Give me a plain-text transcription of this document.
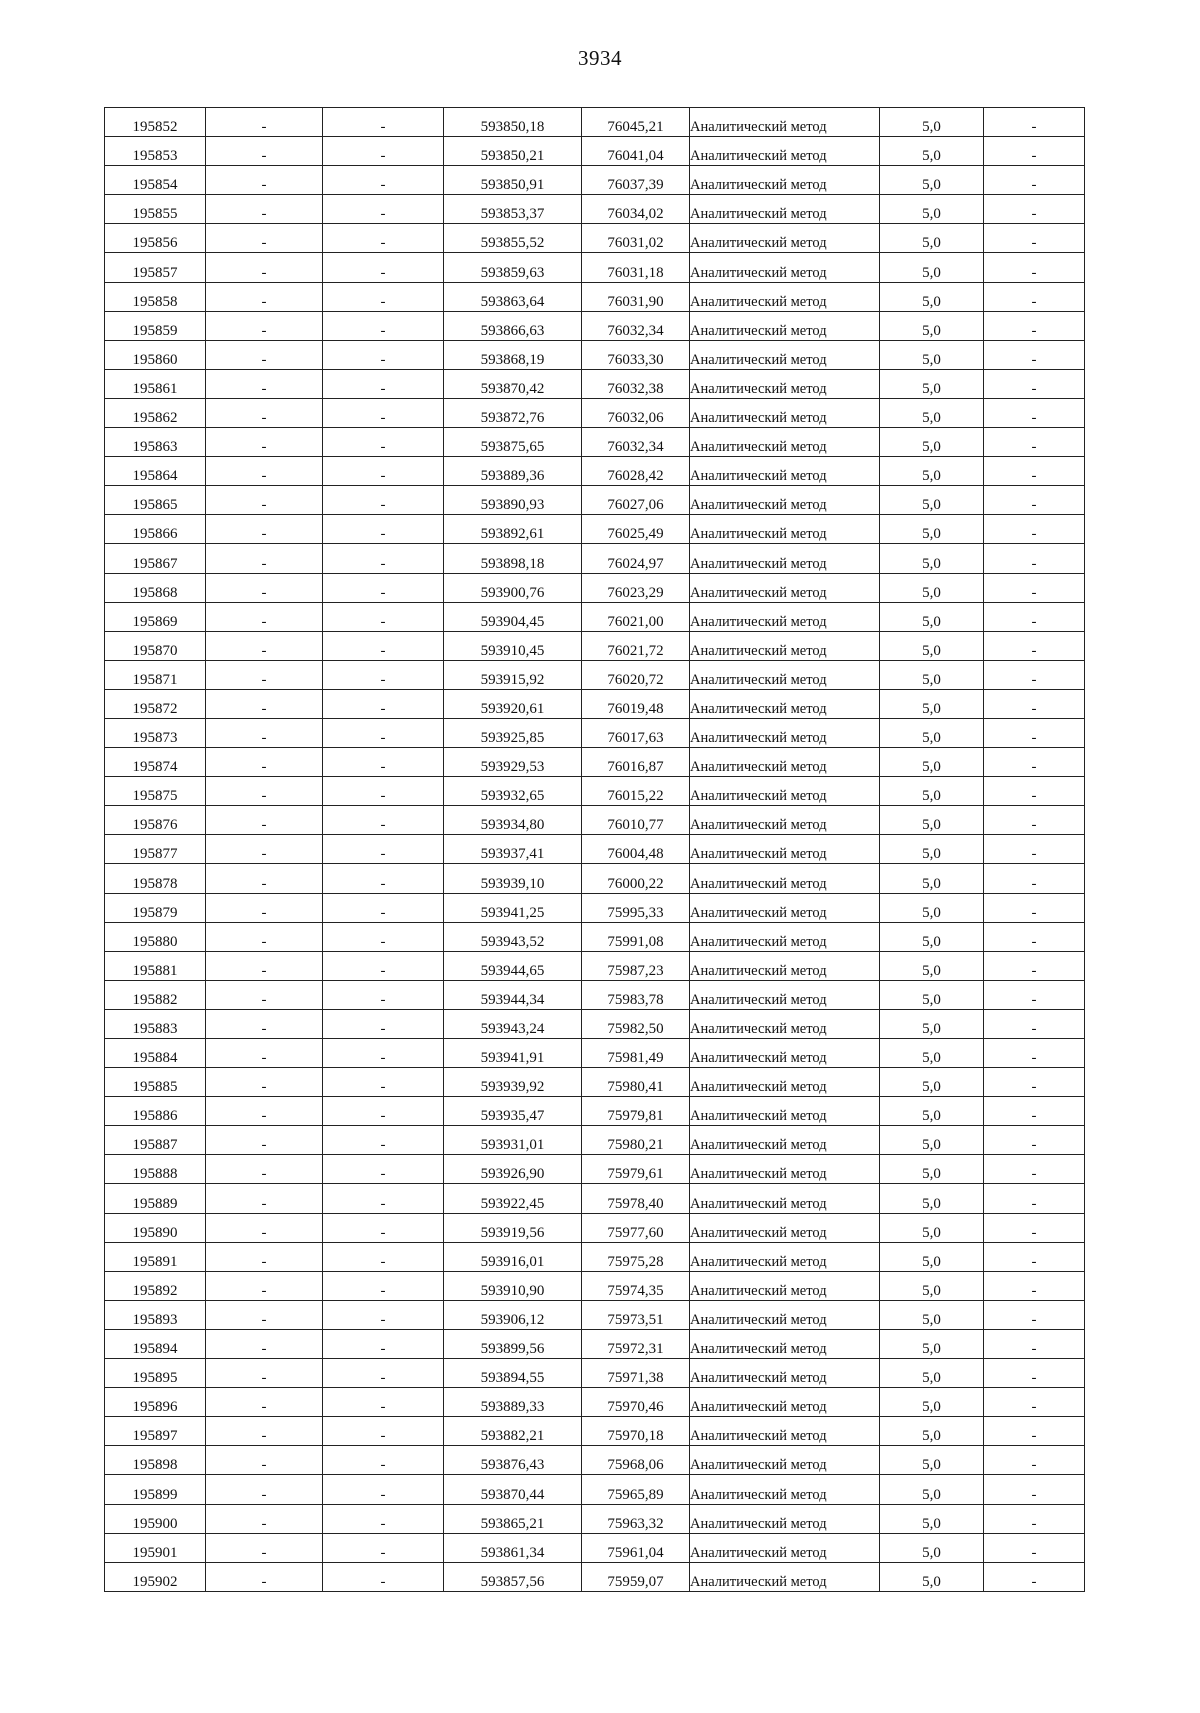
3934
195852	-	-	593850,18	76045,21	Аналитический метод	5,0	-
195853	-	-	593850,21	76041,04	Аналитический метод	5,0	-
195854	-	-	593850,91	76037,39	Аналитический метод	5,0	-
195855	-	-	593853,37	76034,02	Аналитический метод	5,0	-
195856	-	-	593855,52	76031,02	Аналитический метод	5,0	-
195857	-	-	593859,63	76031,18	Аналитический метод	5,0	-
195858	-	-	593863,64	76031,90	Аналитический метод	5,0	-
195859	-	-	593866,63	76032,34	Аналитический метод	5,0	-
195860	-	-	593868,19	76033,30	Аналитический метод	5,0	-
195861	-	-	593870,42	76032,38	Аналитический метод	5,0	-
195862	-	-	593872,76	76032,06	Аналитический метод	5,0	-
195863	-	-	593875,65	76032,34	Аналитический метод	5,0	-
195864	-	-	593889,36	76028,42	Аналитический метод	5,0	-
195865	-	-	593890,93	76027,06	Аналитический метод	5,0	-
195866	-	-	593892,61	76025,49	Аналитический метод	5,0	-
195867	-	-	593898,18	76024,97	Аналитический метод	5,0	-
195868	-	-	593900,76	76023,29	Аналитический метод	5,0	-
195869	-	-	593904,45	76021,00	Аналитический метод	5,0	-
195870	-	-	593910,45	76021,72	Аналитический метод	5,0	-
195871	-	-	593915,92	76020,72	Аналитический метод	5,0	-
195872	-	-	593920,61	76019,48	Аналитический метод	5,0	-
195873	-	-	593925,85	76017,63	Аналитический метод	5,0	-
195874	-	-	593929,53	76016,87	Аналитический метод	5,0	-
195875	-	-	593932,65	76015,22	Аналитический метод	5,0	-
195876	-	-	593934,80	76010,77	Аналитический метод	5,0	-
195877	-	-	593937,41	76004,48	Аналитический метод	5,0	-
195878	-	-	593939,10	76000,22	Аналитический метод	5,0	-
195879	-	-	593941,25	75995,33	Аналитический метод	5,0	-
195880	-	-	593943,52	75991,08	Аналитический метод	5,0	-
195881	-	-	593944,65	75987,23	Аналитический метод	5,0	-
195882	-	-	593944,34	75983,78	Аналитический метод	5,0	-
195883	-	-	593943,24	75982,50	Аналитический метод	5,0	-
195884	-	-	593941,91	75981,49	Аналитический метод	5,0	-
195885	-	-	593939,92	75980,41	Аналитический метод	5,0	-
195886	-	-	593935,47	75979,81	Аналитический метод	5,0	-
195887	-	-	593931,01	75980,21	Аналитический метод	5,0	-
195888	-	-	593926,90	75979,61	Аналитический метод	5,0	-
195889	-	-	593922,45	75978,40	Аналитический метод	5,0	-
195890	-	-	593919,56	75977,60	Аналитический метод	5,0	-
195891	-	-	593916,01	75975,28	Аналитический метод	5,0	-
195892	-	-	593910,90	75974,35	Аналитический метод	5,0	-
195893	-	-	593906,12	75973,51	Аналитический метод	5,0	-
195894	-	-	593899,56	75972,31	Аналитический метод	5,0	-
195895	-	-	593894,55	75971,38	Аналитический метод	5,0	-
195896	-	-	593889,33	75970,46	Аналитический метод	5,0	-
195897	-	-	593882,21	75970,18	Аналитический метод	5,0	-
195898	-	-	593876,43	75968,06	Аналитический метод	5,0	-
195899	-	-	593870,44	75965,89	Аналитический метод	5,0	-
195900	-	-	593865,21	75963,32	Аналитический метод	5,0	-
195901	-	-	593861,34	75961,04	Аналитический метод	5,0	-
195902	-	-	593857,56	75959,07	Аналитический метод	5,0	-
